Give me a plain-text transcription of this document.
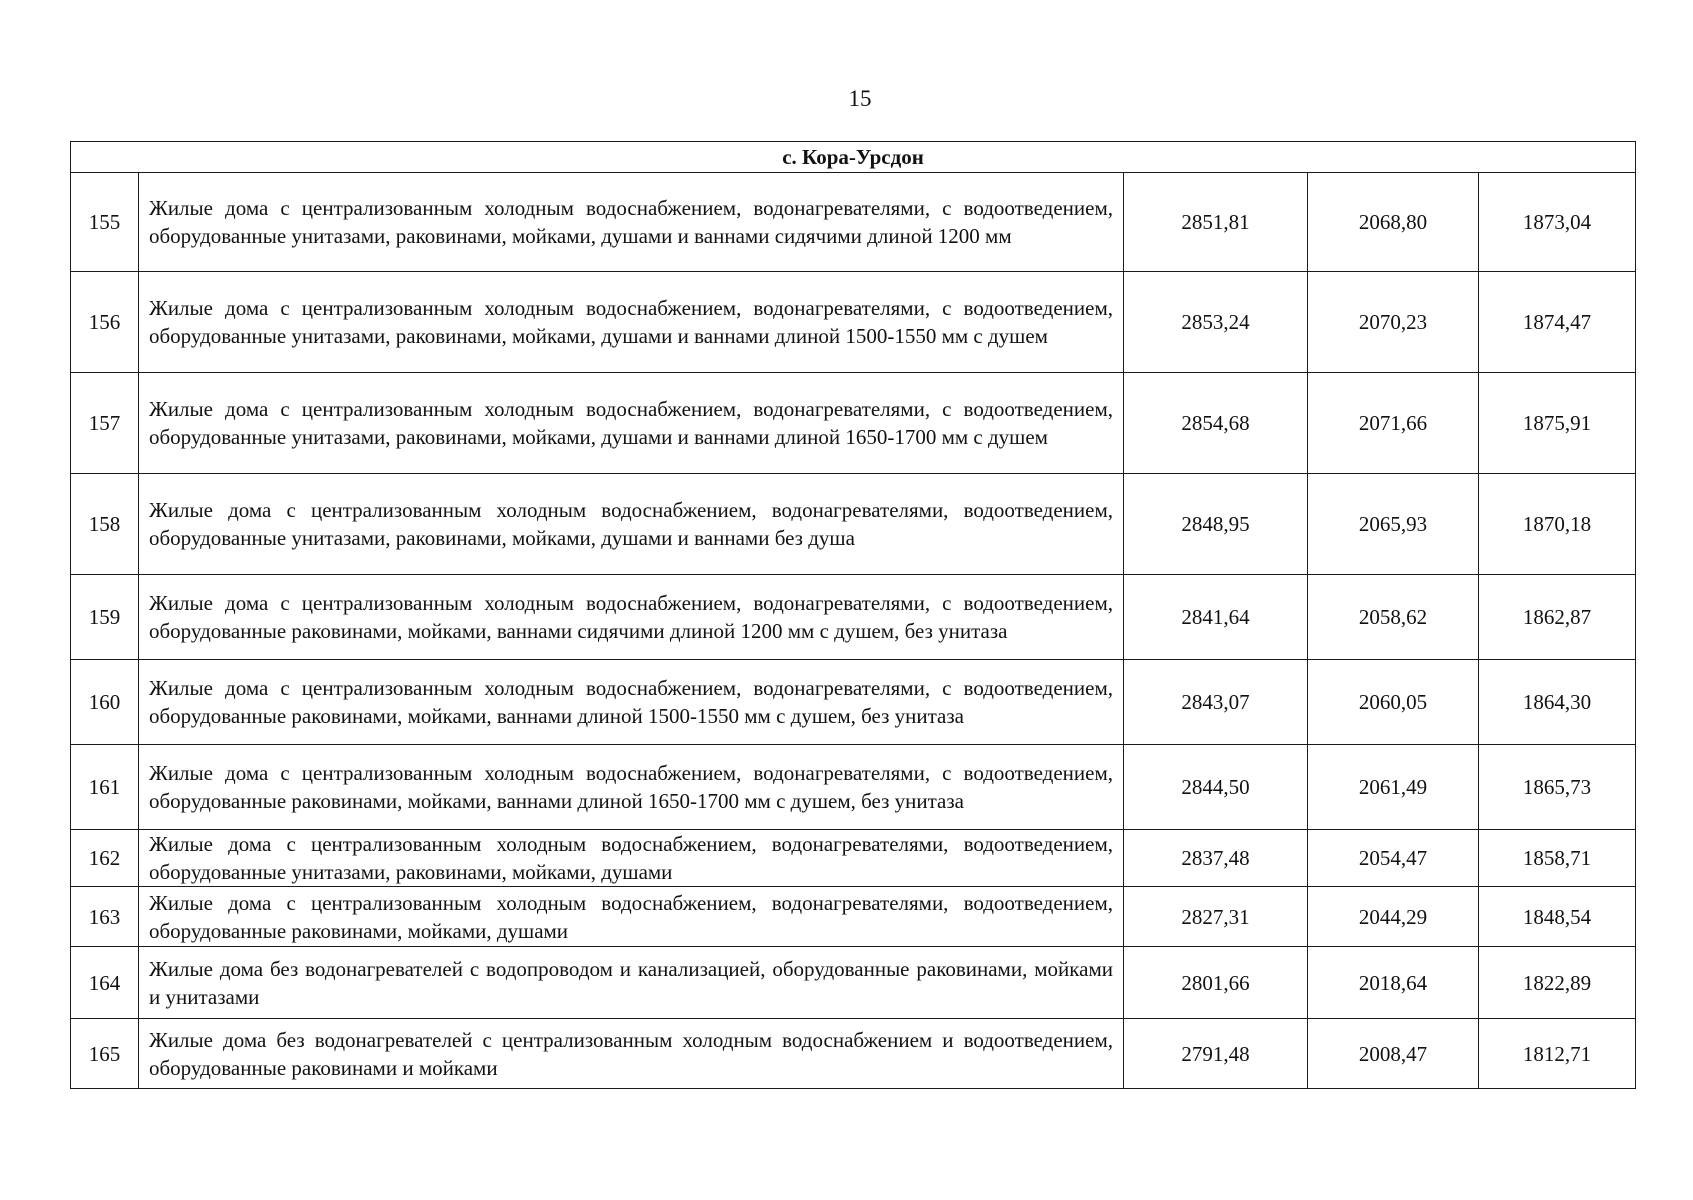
15
с. Кора-Урсдон				
155	Жилые дома с централизованным холодным водоснабжением, водонагревателями, с водоотведением, оборудованные унитазами, раковинами, мойками, душами и ваннами сидячими длиной 1200 мм	2851,81	2068,80	1873,04
156	Жилые дома с централизованным холодным водоснабжением, водонагревателями, с водоотведением, оборудованные унитазами, раковинами, мойками, душами и ваннами длиной 1500-1550 мм с душем	2853,24	2070,23	1874,47
157	Жилые дома с централизованным холодным водоснабжением, водонагревателями, с водоотведением, оборудованные унитазами, раковинами, мойками, душами и ваннами длиной 1650-1700 мм с душем	2854,68	2071,66	1875,91
158	Жилые дома с централизованным холодным водоснабжением, водонагревателями, водоотведением, оборудованные унитазами, раковинами, мойками, душами и ваннами без душа	2848,95	2065,93	1870,18
159	Жилые дома с централизованным холодным водоснабжением, водонагревателями, с водоотведением, оборудованные раковинами, мойками, ваннами сидячими длиной 1200 мм с душем, без унитаза	2841,64	2058,62	1862,87
160	Жилые дома с централизованным холодным водоснабжением, водонагревателями, с водоотведением, оборудованные раковинами, мойками, ваннами длиной 1500-1550 мм с душем, без унитаза	2843,07	2060,05	1864,30
161	Жилые дома с централизованным холодным водоснабжением, водонагревателями, с водоотведением, оборудованные раковинами, мойками, ваннами длиной 1650-1700 мм с душем, без унитаза	2844,50	2061,49	1865,73
162	Жилые дома с централизованным холодным водоснабжением, водонагревателями, водоотведением, оборудованные унитазами, раковинами, мойками, душами	2837,48	2054,47	1858,71
163	Жилые дома с централизованным холодным водоснабжением, водонагревателями, водоотведением, оборудованные раковинами, мойками, душами	2827,31	2044,29	1848,54
164	Жилые дома без водонагревателей с водопроводом и канализацией, оборудованные раковинами, мойками и унитазами	2801,66	2018,64	1822,89
165	Жилые дома без водонагревателей с централизованным холодным водоснабжением и водоотведением, оборудованные раковинами и мойками	2791,48	2008,47	1812,71
